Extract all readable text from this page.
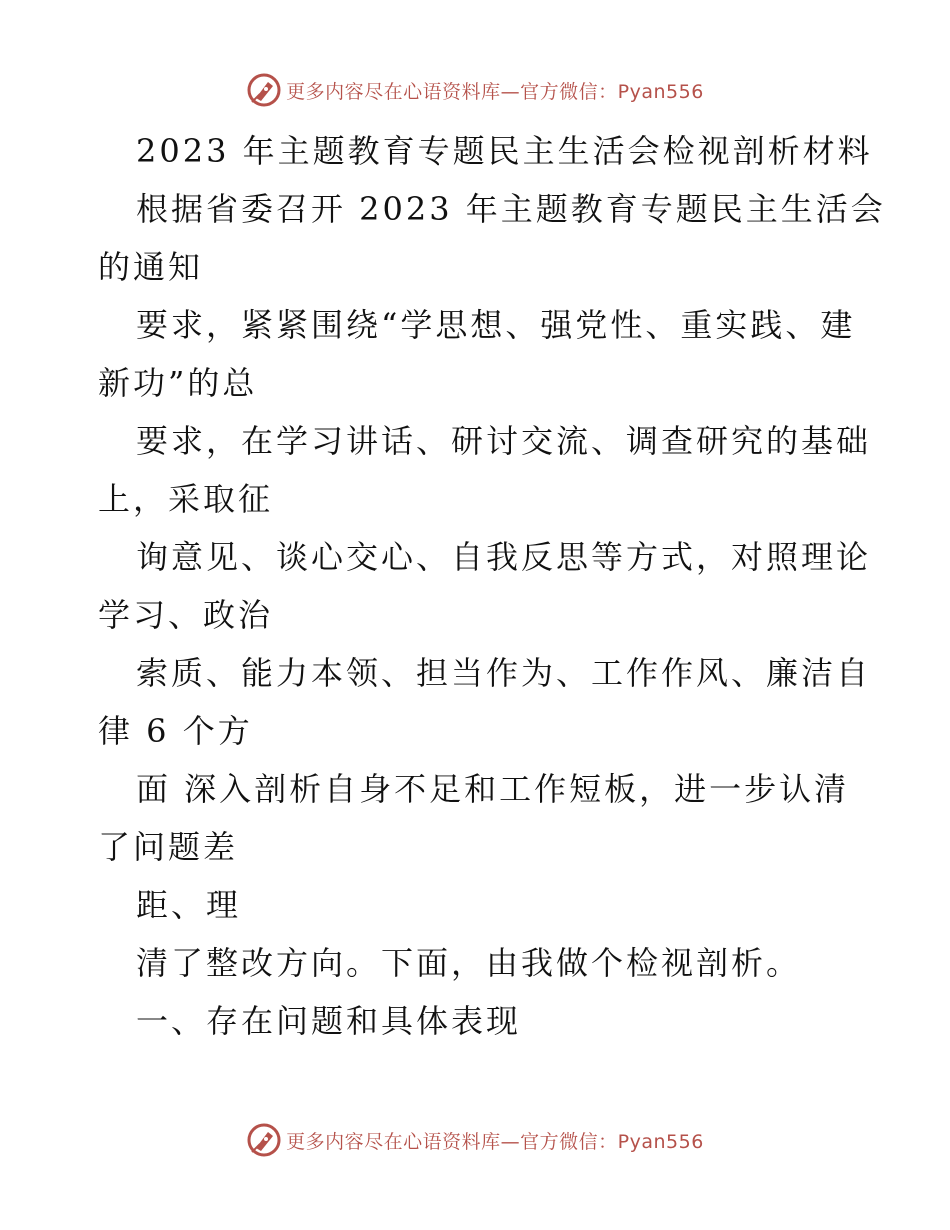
更多内容尽在心语资料库—官方微信：Pyan556
2023 年主题教育专题民主生活会检视剖析材料
根据省委召开 2023 年主题教育专题民主生活会
的通知
要求，紧紧围绕“学思想、强党性、重实践、建
新功”的总
要求，在学习讲话、研讨交流、调查研究的基础
上，采取征
询意见、谈心交心、自我反思等方式，对照理论
学习、政治
索质、能力本领、担当作为、工作作风、廉洁自
律 6 个方
面 深入剖析自身不足和工作短板，进一步认清
了问题差
距、理
清了整改方向。下面，由我做个检视剖析。
一、存在问题和具体表现
更多内容尽在心语资料库—官方微信：Pyan556
